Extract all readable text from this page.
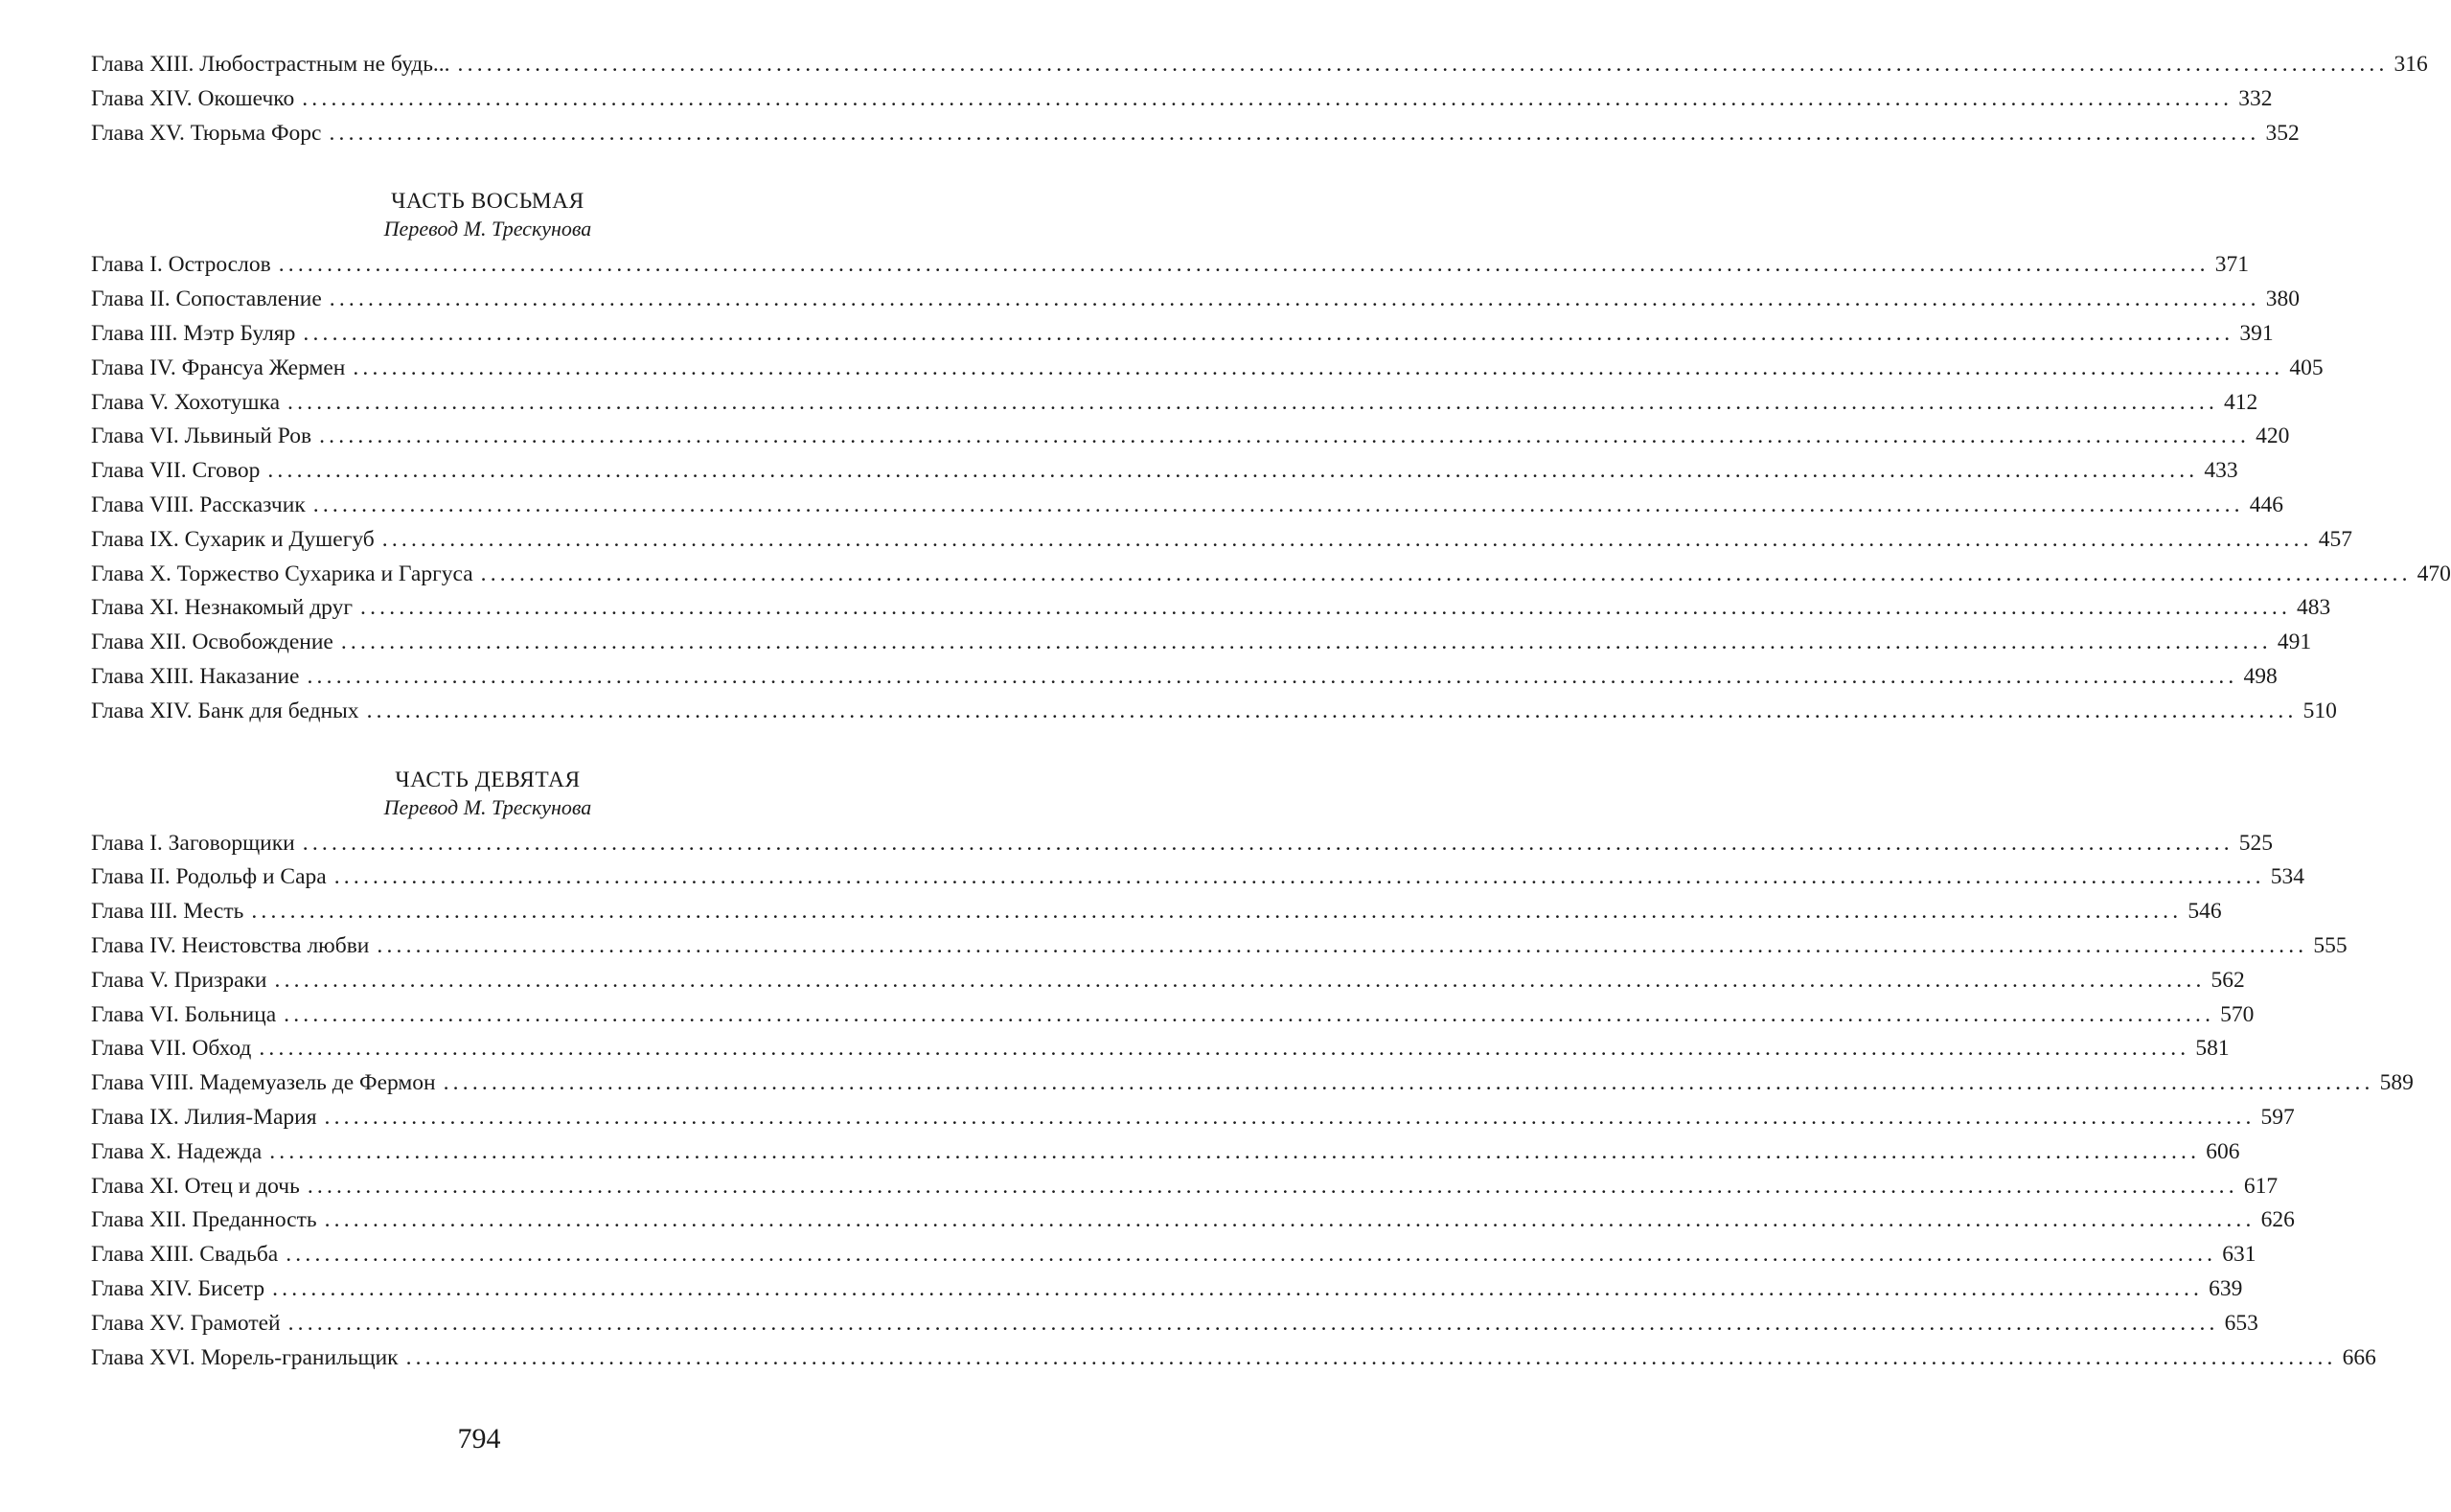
Глава XIII. Любострастным не будь... ........................................................................................................................................................................................................ 316
Глава XIV. Окошечко ........................................................................................................................................................................................................ 332
Глава XV. Тюрьма Форс ........................................................................................................................................................................................................ 352
ЧАСТЬ ВОСЬМАЯ
Перевод М. Трескунова
Глава I. Острослов ........................................................................................................................................................................................................ 371
Глава II. Сопоставление ........................................................................................................................................................................................................ 380
Глава III. Мэтр Буляр ........................................................................................................................................................................................................ 391
Глава IV. Франсуа Жермен ........................................................................................................................................................................................................ 405
Глава V. Хохотушка ........................................................................................................................................................................................................ 412
Глава VI. Львиный Ров ........................................................................................................................................................................................................ 420
Глава VII. Сговор ........................................................................................................................................................................................................ 433
Глава VIII. Рассказчик ........................................................................................................................................................................................................ 446
Глава IX. Сухарик и Душегуб ........................................................................................................................................................................................................ 457
Глава X. Торжество Сухарика и Гаргуса ........................................................................................................................................................................................................ 470
Глава XI. Незнакомый друг ........................................................................................................................................................................................................ 483
Глава XII. Освобождение ........................................................................................................................................................................................................ 491
Глава XIII. Наказание ........................................................................................................................................................................................................ 498
Глава XIV. Банк для бедных ........................................................................................................................................................................................................ 510
ЧАСТЬ ДЕВЯТАЯ
Перевод М. Трескунова
Глава I. Заговорщики ........................................................................................................................................................................................................ 525
Глава II. Родольф и Сара ........................................................................................................................................................................................................ 534
Глава III. Месть ........................................................................................................................................................................................................ 546
Глава IV. Неистовства любви ........................................................................................................................................................................................................ 555
Глава V. Призраки ........................................................................................................................................................................................................ 562
Глава VI. Больница ........................................................................................................................................................................................................ 570
Глава VII. Обход ........................................................................................................................................................................................................ 581
Глава VIII. Мадемуазель де Фермон ........................................................................................................................................................................................................ 589
Глава IX. Лилия-Мария ........................................................................................................................................................................................................ 597
Глава X. Надежда ........................................................................................................................................................................................................ 606
Глава XI. Отец и дочь ........................................................................................................................................................................................................ 617
Глава XII. Преданность ........................................................................................................................................................................................................ 626
Глава XIII. Свадьба ........................................................................................................................................................................................................ 631
Глава XIV. Бисетр ........................................................................................................................................................................................................ 639
Глава XV. Грамотей ........................................................................................................................................................................................................ 653
Глава XVI. Морель-гранильщик ........................................................................................................................................................................................................ 666
794
